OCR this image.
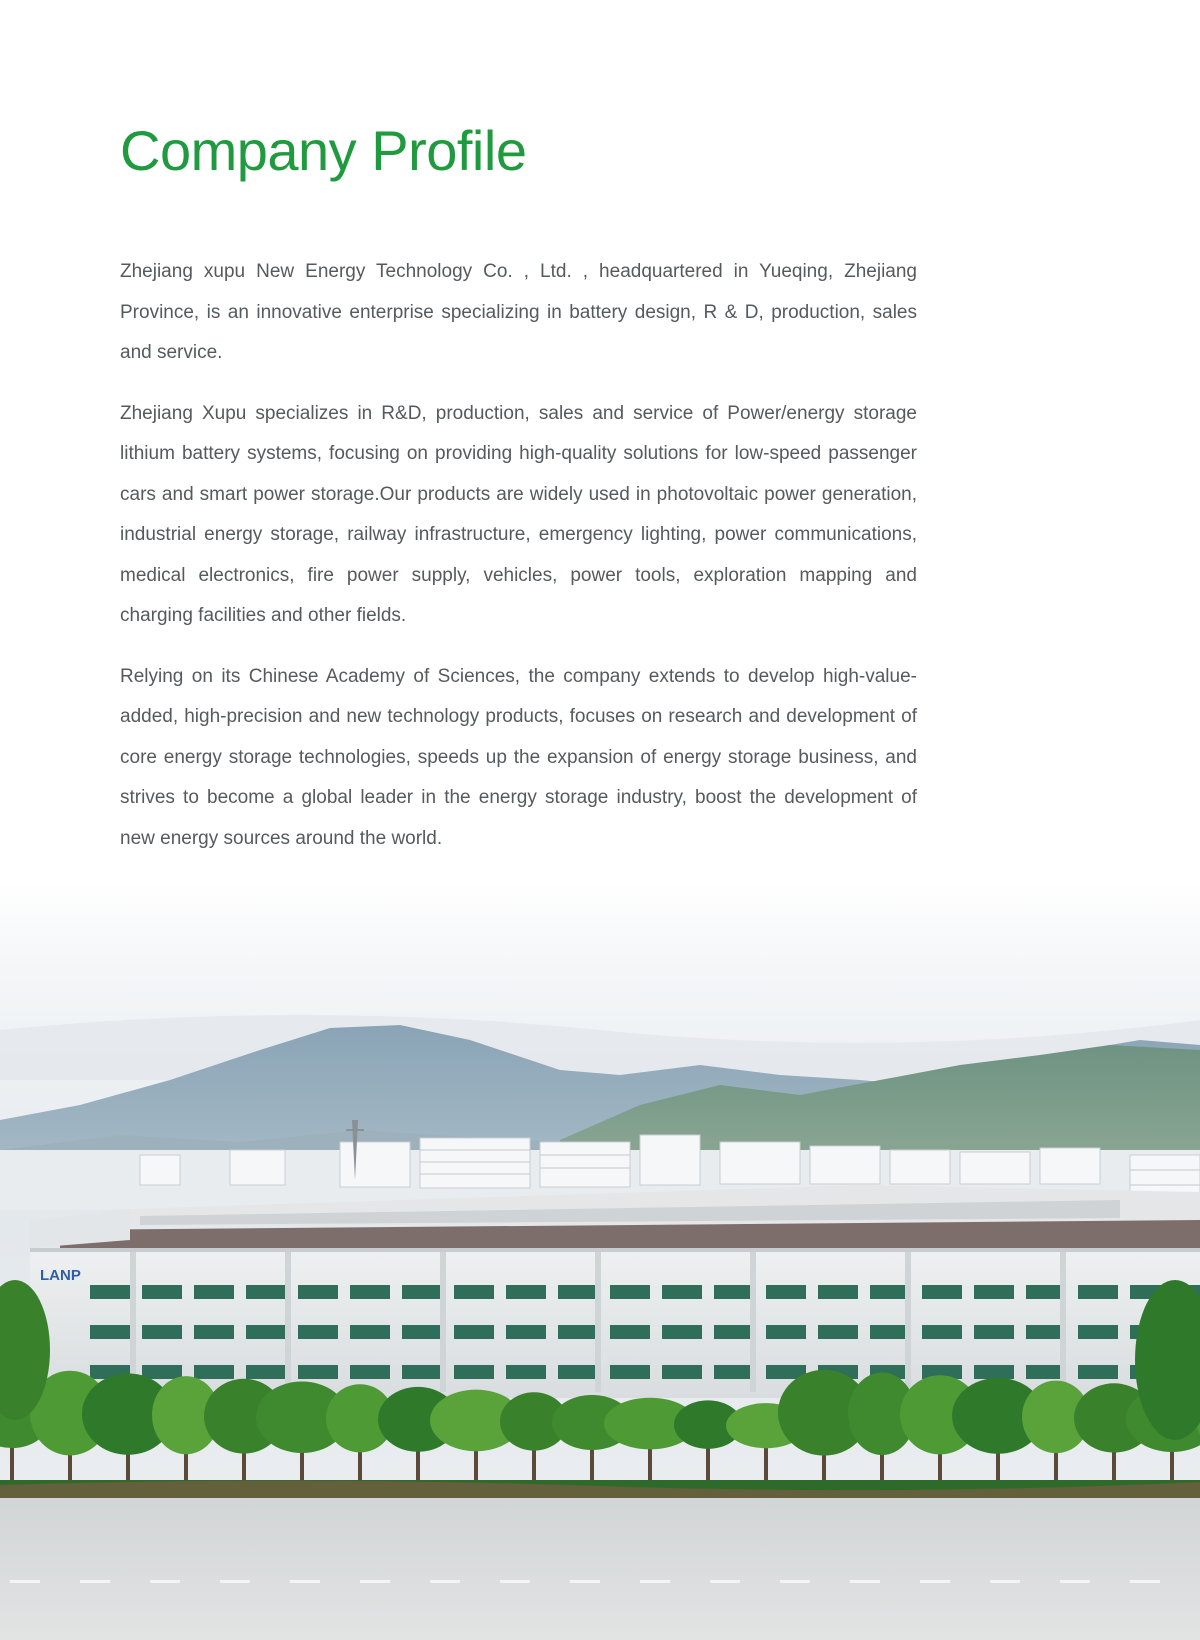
Company Profile

Zhejiang xupu New Energy Technology Co. , Ltd. , headquartered in Yueqing, Zhejiang Province, is an innovative enterprise specializing in battery design, R & D, production, sales and service.

Zhejiang Xupu specializes in R&D, production, sales and service of Power/energy storage lithium battery systems, focusing on providing high-quality solutions for low-speed passenger cars and smart power storage.Our products are widely used in photovoltaic power generation, industrial energy storage, railway infrastructure, emergency lighting, power communications, medical electronics, fire power supply, vehicles, power tools, exploration mapping and charging facilities and other fields.

Relying on its Chinese Academy of Sciences, the company extends to develop high-value-added, high-precision and new technology products, focuses on research and development of core energy storage technologies, speeds up the expansion of energy storage business, and strives to become a global leader in the energy storage industry, boost the development of new energy sources around the world.

LANP
